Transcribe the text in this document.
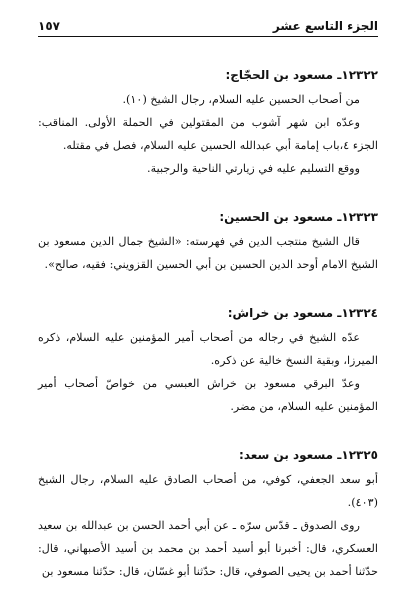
الجزء التاسع عشر
١٥٧

١٢٣٢٢ـ مسعود بن الحجّاج:

من أصحاب الحسين عليه السلام، رجال الشيخ (١٠).

وعدّه ابن شهر آشوب من المقتولين في الحملة الأولى. المناقب: الجزء ٤،باب إمامة أبي عبدالله الحسين عليه السلام، فصل في مقتله.

ووقع التسليم عليه في زيارتي الناحية والرجبية.

١٢٣٢٣ـ مسعود بن الحسين:

قال الشيخ منتجب الدين في فهرسته: «الشيخ جمال الدين مسعود بن الشيخ الامام أوحد الدين الحسين بن أبي الحسين القزويني: فقيه، صالح».

١٢٣٢٤ـ مسعود بن خراش:

عدّه الشيخ في رجاله من أصحاب أمير المؤمنين عليه السلام، ذكره الميرزا، وبقية النسخ خالية عن ذكره.

وعدّ البرقي مسعود بن خراش العبسي من خواصّ أصحاب أمير المؤمنين عليه السلام، من مضر.

١٢٣٢٥ـ مسعود بن سعد:

أبو سعد الجعفي، كوفي، من أصحاب الصادق عليه السلام، رجال الشيخ (٤٠٣).

روى الصدوق ـ قدّس سرّه ـ عن أبي أحمد الحسن بن عبدالله بن سعيد العسكري، قال: أخبرنا أبو أسيد أحمد بن محمد بن أسيد الأصبهاني، قال: حدّثنا أحمد بن يحيى الصوفي، قال: حدّثنا أبو غسّان، قال: حدّثنا مسعود بن
